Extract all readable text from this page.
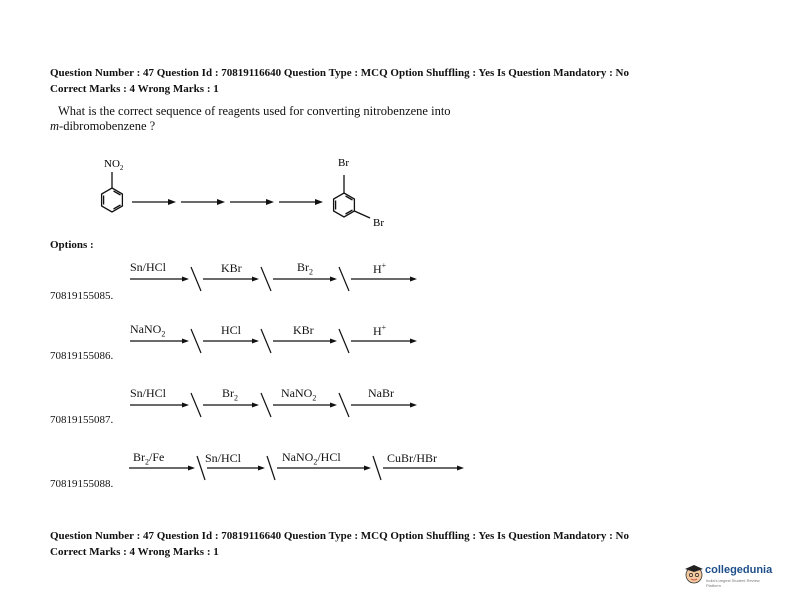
Question Number : 47 Question Id : 70819116640 Question Type : MCQ Option Shuffling : Yes Is Question Mandatory : No
Correct Marks : 4 Wrong Marks : 1
What is the correct sequence of reagents used for converting nitrobenzene into
m-dibromobenzene ?
$NO_2$	Br
Br
Options :
Sn/HCl	KBr	$Br_2$	H+
70819155085.
NaNO$_2$	HCl	KBr	H+
70819155086.
Sn/HCl	$Br_2$	NaNO$_2$	NaBr
70819155087.
$Br_2/Fe$	Sn/HCl	NaNO$_2$/HCl	CuBr/HBr
70819155088.
Question Number : 47 Question Id : 70819116640 Question Type : MCQ Option Shuffling : Yes Is Question Mandatory : No
Correct Marks : 4 Wrong Marks : 1
collegedunia
India's largest Student Review Platform
